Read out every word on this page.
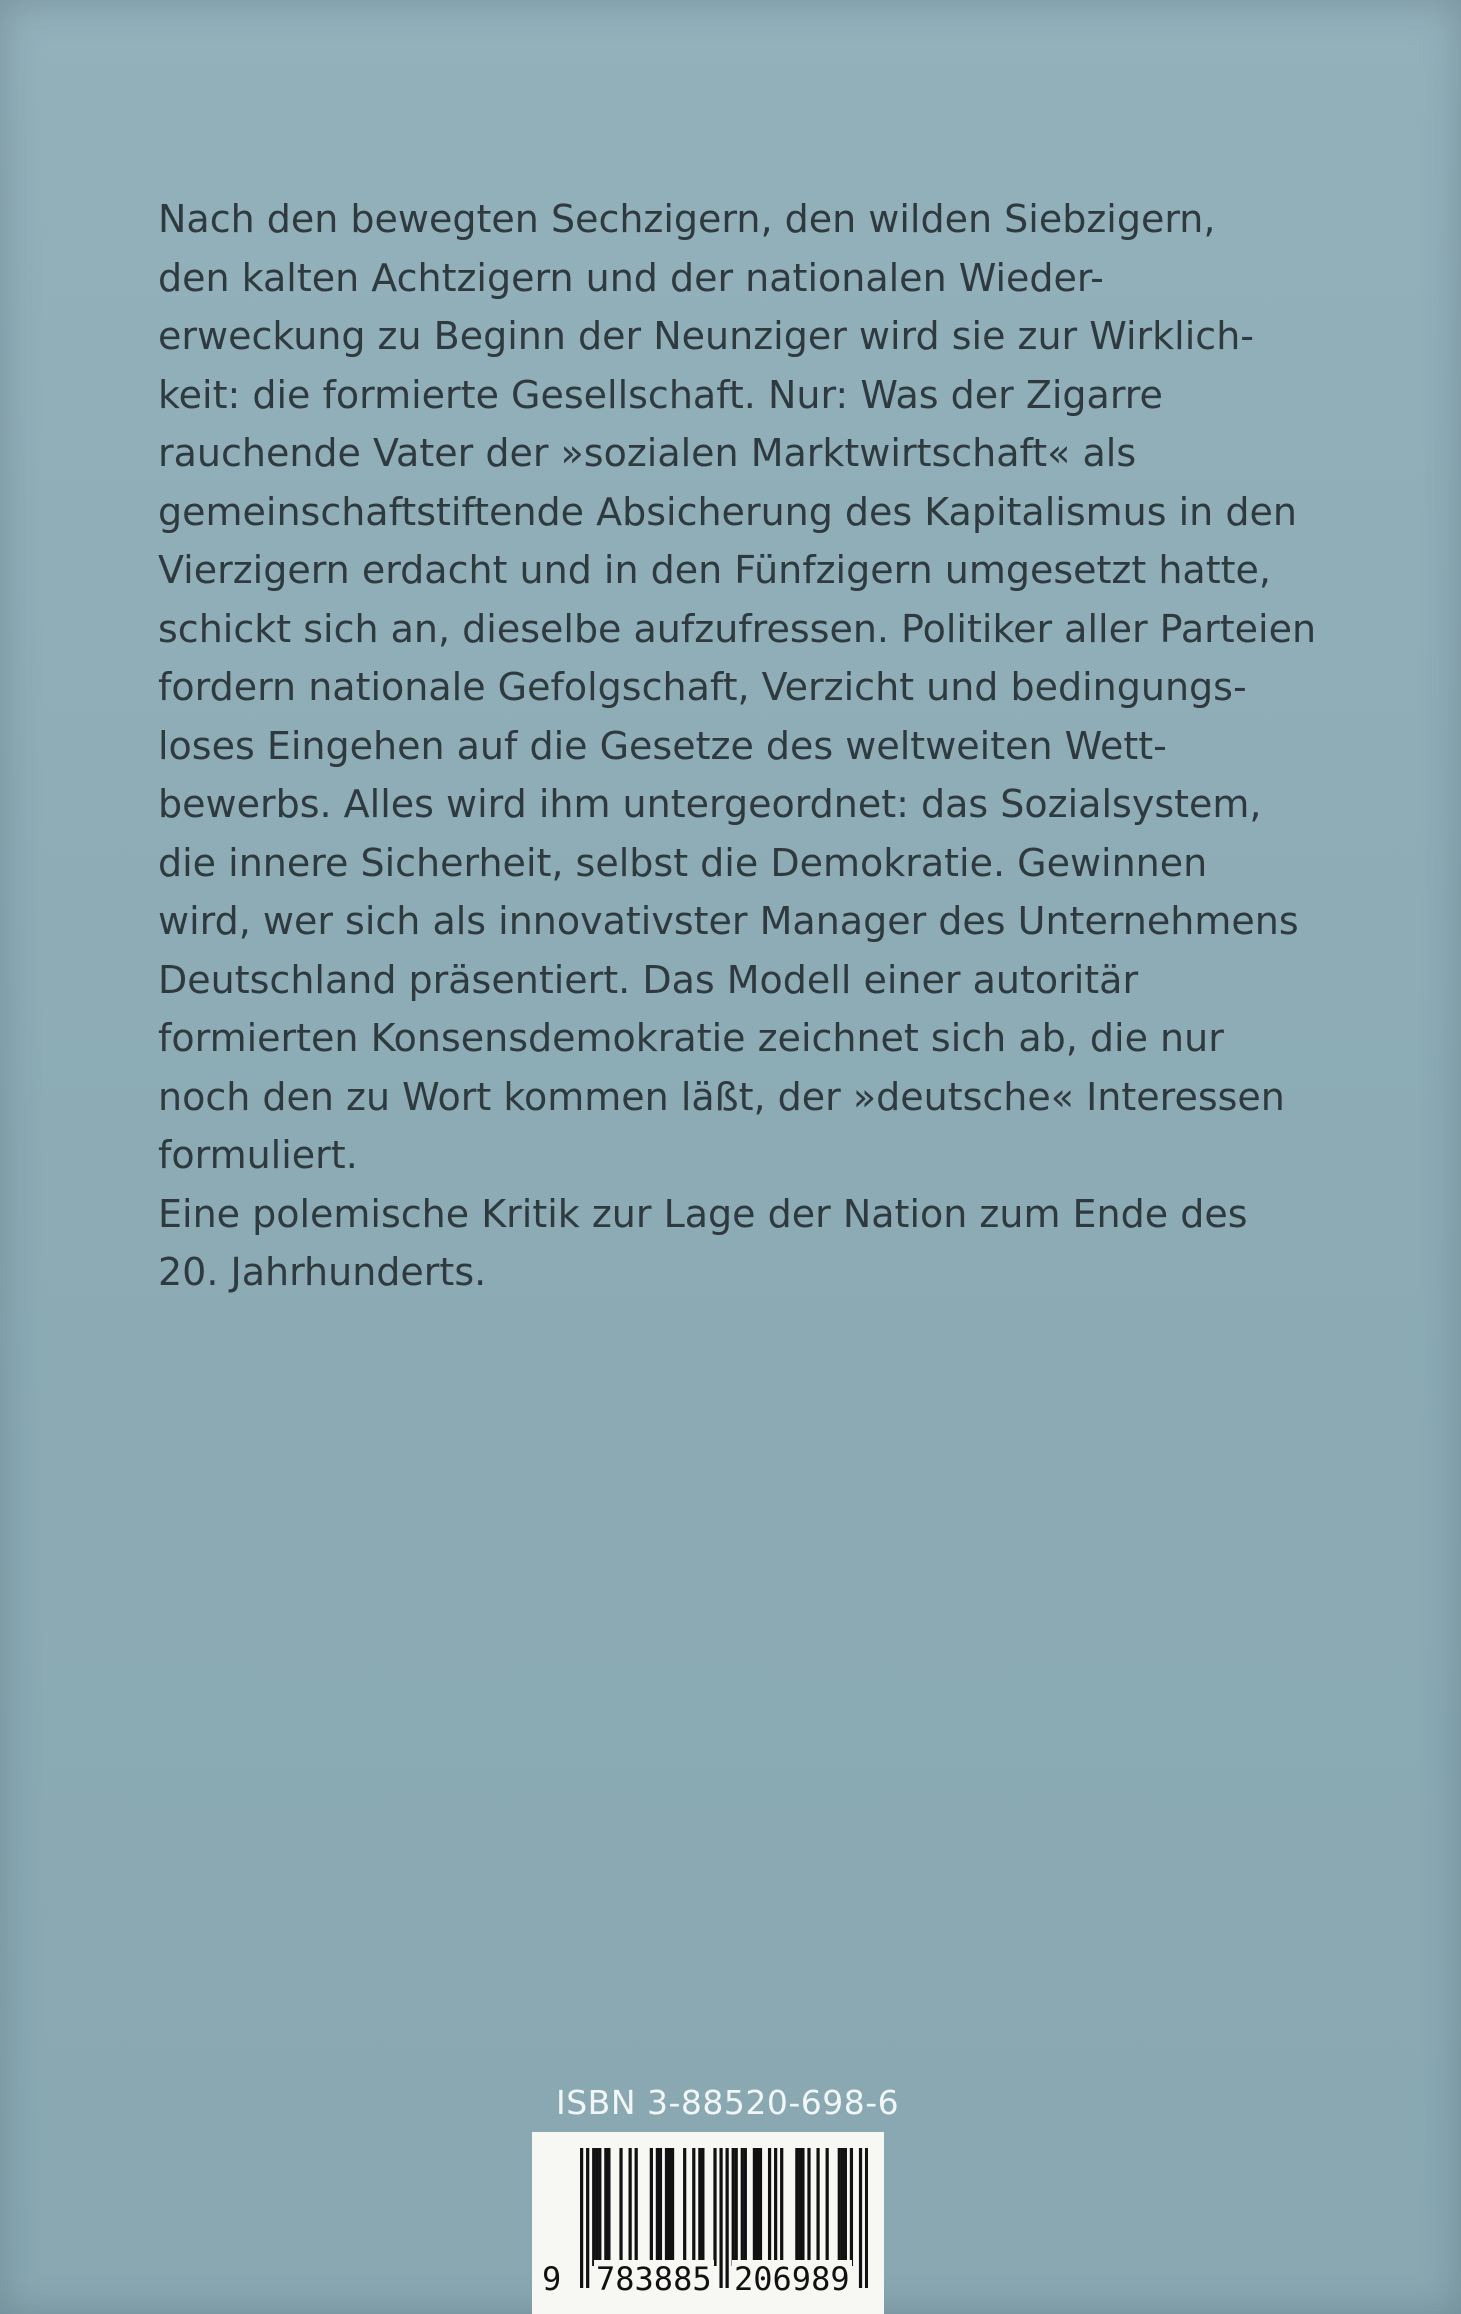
Nach den bewegten Sechzigern, den wilden Siebzigern,
den kalten Achtzigern und der nationalen Wieder-
erweckung zu Beginn der Neunziger wird sie zur Wirklich-
keit: die formierte Gesellschaft. Nur: Was der Zigarre
rauchende Vater der »sozialen Marktwirtschaft« als
gemeinschaftstiftende Absicherung des Kapitalismus in den
Vierzigern erdacht und in den Fünfzigern umgesetzt hatte,
schickt sich an, dieselbe aufzufressen. Politiker aller Parteien
fordern nationale Gefolgschaft, Verzicht und bedingungs-
loses Eingehen auf die Gesetze des weltweiten Wett-
bewerbs. Alles wird ihm untergeordnet: das Sozialsystem,
die innere Sicherheit, selbst die Demokratie. Gewinnen
wird, wer sich als innovativster Manager des Unternehmens
Deutschland präsentiert. Das Modell einer autoritär
formierten Konsensdemokratie zeichnet sich ab, die nur
noch den zu Wort kommen läßt, der »deutsche« Interessen
formuliert.

Eine polemische Kritik zur Lage der Nation zum Ende des
20. Jahrhunderts.

ISBN 3-88520-698-6
9 783885 206989
